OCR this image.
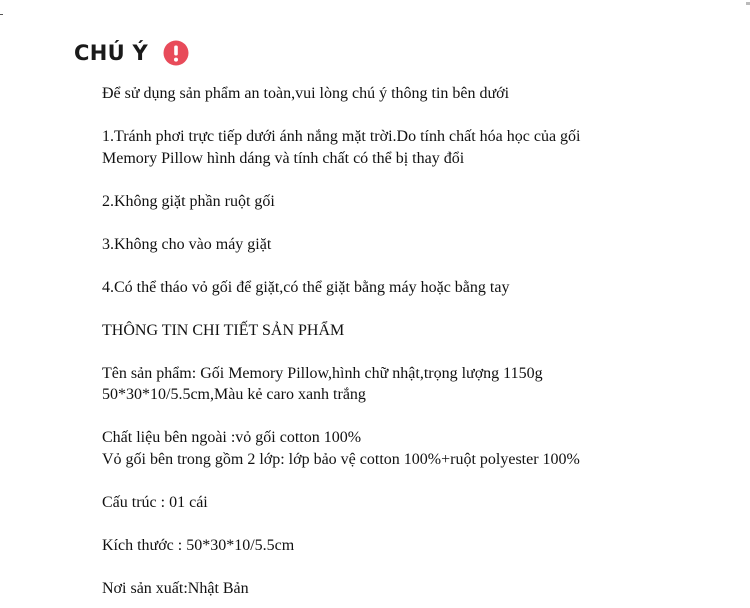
CHÚ Ý

Để sử dụng sản phẩm an toàn,vui lòng chú ý thông tin bên dưới

1.Tránh phơi trực tiếp dưới ánh nắng mặt trời.Do tính chất hóa học của gối

Memory Pillow hình dáng và tính chất có thể bị thay đổi

2.Không giặt phần ruột gối

3.Không cho vào máy giặt

4.Có thể tháo vỏ gối để giặt,có thể giặt bằng máy hoặc bằng tay

THÔNG TIN CHI TIẾT SẢN PHẨM

Tên sản phẩm: Gối Memory Pillow,hình chữ nhật,trọng lượng 1150g

50*30*10/5.5cm,Màu kẻ caro xanh trắng

Chất liệu bên ngoài :vỏ gối cotton 100%

Vỏ gối bên trong gồm 2 lớp: lớp bảo vệ cotton 100%+ruột polyester 100%

Cấu trúc : 01 cái

Kích thước : 50*30*10/5.5cm

Nơi sản xuất:Nhật Bản
